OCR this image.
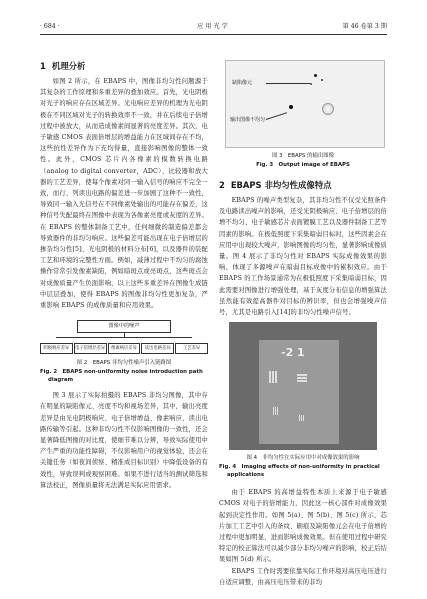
· 684 ·	应用光学	第 46 卷第 3 期
1 机理分析

如图 2 所示，在 EBAPS 中，图像非均匀性问题源于其复杂的工作原理和多重差异的叠加效应。首先，光电阴极对光子的响应存在区域差异。光电响应差异的机理为光电阴极在不同区域对光子的转换效率不一致，并在后续电子倍增过程中被放大，从而造成像素间显著的亮度差异。其次，电子敏感 CMOS 表面倍增层的增益能力在区域间存在不均，这些抗性差异作为下充均得量，直接影响图像的整体一致性。此外，CMOS 芯片内各像素的模数转换电路（analog to digital converter，ADC）、比较器和放大器的工艺差异，使每个像素对同一输入信号的响应不完全一致，而行、列读出电路的偏差进一步加剧了这种不一致性，导致同一输入光信号在不同像素处输出的可能存在偏差，这种信号失配最终在图像中表现为各像素亮度或灰度的差异。在 EBAPS 的整体制备工艺中，任何细微的制造偏差都会导致器件的非均匀响应。这些偏差可能出现在电子倍增层的掺杂均匀性[5]、光电阴极的材料分布[6]，以及器件的装配工艺和环境的完整性方面。例如，减薄过程中不均匀的腐蚀操作常常引发像素缺陷，例如暗斑点或亮斑点，这些斑点会对成像质量产生负面影响，以上这些多重差异在图像生成链中层层叠加，使得 EBAPS 的图像非均匀性更加复杂，严重影响 EBAPS 的成像质量和应用效果。

图像中的噪声
阴极响应差异	电子倍增层差异	像素响应差异	读出电路差异	工艺差异
图 2　EBAPS 非均匀性噪声引入链路图
Fig. 2　EBAPS non-uniformity noise introduction path diagram

图 3 展示了实际拍摄的 EBAPS 非均匀图像，其中存在明显的缺陷像元、亮度不均和视场差异，其中，输出亮度差异是由光电阴极响应、电子倍增增益、像素响应、读出电路传输等引起。这种非均匀性不仅影响图像的一致性，还会显著降低图像的对比度，使细节难以分辨，导致实际使用中产生严重的功能性障碍，不仅影响用户的视觉体验，还会在关键任务（如夜间侦察、精准成目标识别）中降低设备的有效性，导致误判或观察困难。如果不进行适当的测试筛选和算法校正，图像质量将无法满足实际应用需求。

缺陷像元
输出图像不均匀
图 3　EBAPS 的输出图像
Fig. 3　Output image of EBAPS
2 EBAPS 非均匀性成像特点

EBAPS 的噪声类型复杂，其非均匀性不仅受光照条件及电路读出噪声的影响，还受光阴极响应、电子倍增层的倍增不均匀、电子敏感芯片表面镀膜工艺以及器件制备工艺等因素的影响。在极低照度下采集暗弱目标时，这些因素会在应用中出现较大噪声，影响图像的均匀性，显著影响成像质量。图 4 展示了非均匀性对 EBAPS 实际成像效果的影响，体现了多源噪声在暗弱目标成像中的累积效应。由于 EBAPS 的工作场景通常为在极低照度下采集暗弱目标，因此需要对图像进行增强处理，基于灰度分布信息的增强算法虽然能有效提高器件对目标的辨识率，但也会增强噪声信号，尤其是电路引入[14]的非均匀性噪声信号。

-2 1
图 4　非均匀性在实际应用中对成像效果的影响
Fig. 4　Imaging effects of non-uniformity in practical applications

由于 EBAPS 的高增益特性本质上来源于电子敏感 CMOS 对电子的倍增能力，因此这一核心部件对成像效果起到决定性作用。如图 5(a)、图 5(b)、图 5(c) 所示，芯片加工工艺中引入的条纹、刷痕及缺陷像元会在电子倍增的过程中更加明显，进而影响成像效果。但在使用过程中研究特定的校正算法可以减少部分非均匀噪声的影响，校正后结果如图 5(d) 所示。

EBAPS 工作时需要依靠实际工作环境对高压电压进行自适应调整，由高压电压带来的非均
